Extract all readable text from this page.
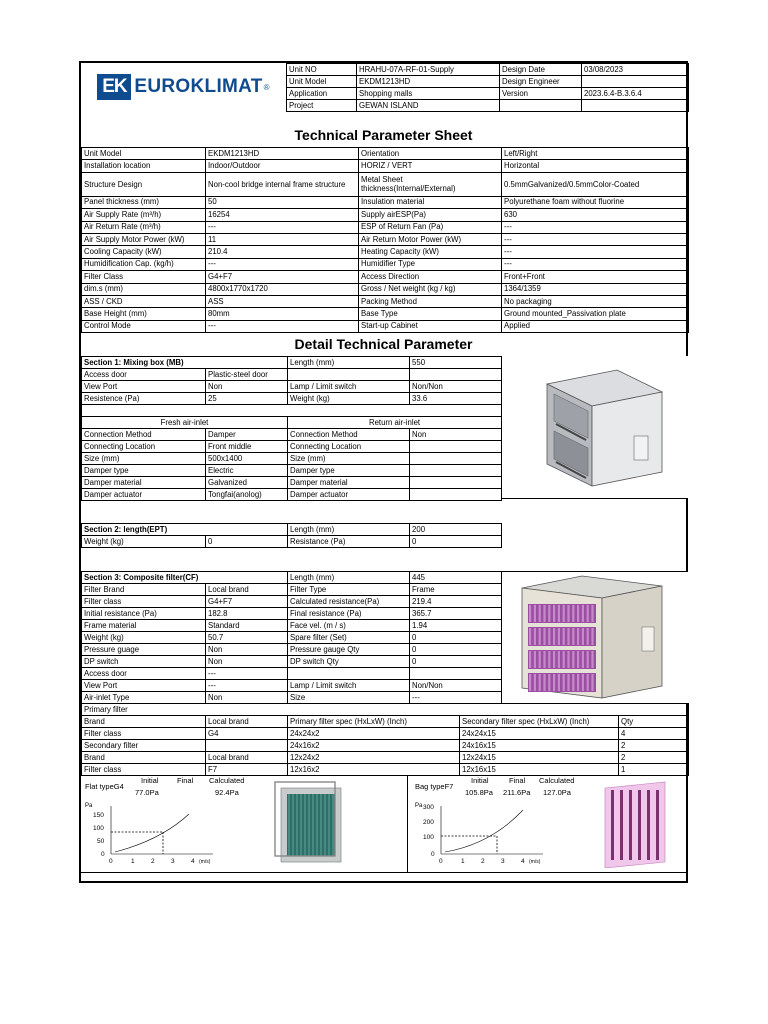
EK EUROKLIMAT ®
Unit NO	HRAHU-07A-RF-01-Supply	Design Date	03/08/2023
Unit Model	EKDM1213HD	Design Engineer	
Application	Shopping malls	Version	2023.6.4-B.3.6.4
Project	GEWAN ISLAND		
Technical Parameter Sheet
Unit Model	EKDM1213HD	Orientation	Left/Right
Installation location	Indoor/Outdoor	HORIZ / VERT	Horizontal
Structure Design	Non-cool bridge internal frame structure	Metal Sheet thickness(Internal/External)	0.5mmGalvanized/0.5mmColor-Coated
Panel thickness (mm)	50	Insulation material	Polyurethane foam without fluorine
Air Supply Rate (m³/h)	16254	Supply airESP(Pa)	630
Air Return Rate (m³/h)	---	ESP of Return Fan (Pa)	---
Air Supply Motor Power (kW)	11	Air Return Motor Power (kW)	---
Cooling Capacity (kW)	210.4	Heating Capacity (kW)	---
Humidification Cap. (kg/h)	---	Humidifier Type	---
Filter Class	G4+F7	Access Direction	Front+Front
dim.s (mm)	4800x1770x1720	Gross / Net weight (kg / kg)	1364/1359
ASS / CKD	ASS	Packing Method	No packaging
Base Height (mm)	80mm	Base Type	Ground mounted_Passivation plate
Control Mode	---	Start-up Cabinet	Applied
Detail Technical Parameter
Section 1: Mixing box (MB)		Length (mm)	550
Access door	Plastic-steel door		
View Port	Non	Lamp / Limit switch	Non/Non
Resistence (Pa)	25	Weight (kg)	33.6

Fresh air-inlet		Return air-inlet	
Connection Method	Damper	Connection Method	Non
Connecting Location	Front middle	Connecting Location	
Size (mm)	500x1400	Size (mm)	
Damper type	Electric	Damper type	
Damper material	Galvanized	Damper material	
Damper actuator	Tongfai(anolog)	Damper actuator	
Section 2: length(EPT)		Length (mm)	200
Weight (kg)	0	Resistance (Pa)	0
Section 3: Composite filter(CF)		Length (mm)	445
Filter Brand	Local brand	Filter Type	Frame
Filter class	G4+F7	Calculated resistance(Pa)	219.4
Initial resistance (Pa)	182.8	Final resistance (Pa)	365.7
Frame material	Standard	Face vel. (m / s)	1.94
Weight (kg)	50.7	Spare filter (Set)	0
Pressure guage	Non	Pressure gauge Qty	0
DP switch	Non	DP switch Qty	0
Access door	---		
View Port	---	Lamp / Limit switch	Non/Non
Air-inlet Type	Non	Size	---
Primary filter
Brand	Local brand	Primary filter spec (HxLxW) (Inch)	Secondary filter spec (HxLxW) (Inch)	Qty
Filter class	G4	24x24x2	24x24x15	4
Secondary filter		24x16x2	24x16x15	2
Brand	Local brand	12x24x2	12x24x15	2
Filter class	F7	12x16x2	12x16x15	1
Flat typeG4
Initial Final Calculated
77.0Pa	92.4Pa
Pa
150
100
50
0
0	1	2	3	4 (m/s)
Bag typeF7
Initial	Final Calculated
105.8Pa 211.6Pa 127.0Pa
Pa 300
200
100
0
0	1	2	3	4 (m/s)
